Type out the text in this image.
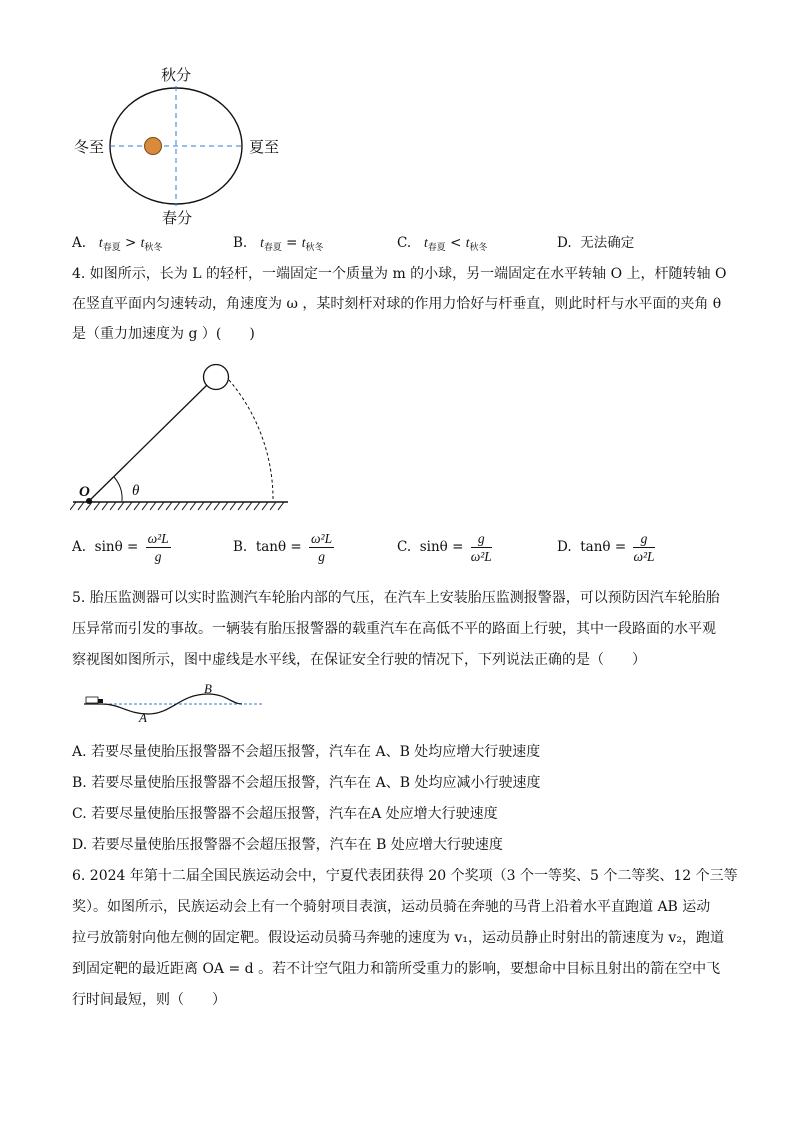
秋分
冬至	夏至
春分
A. $t_{春夏} > t_{秋冬}$	B. $t_{春夏} = t_{秋冬}$	C. $t_{春夏} < t_{秋冬}$	D. 无法确定
4. 如图所示，长为 L 的轻杆，一端固定一个质量为 m 的小球，另一端固定在水平转轴 O 上，杆随转轴 O
在竖直平面内匀速转动，角速度为 ω ，某时刻杆对球的作用力恰好与杆垂直，则此时杆与水平面的夹角 θ
是（重力加速度为 g ）(　　)
O	θ
A. $\sin\theta = \frac{\text{ω²L}}{g}$	B. $\tan\theta = \frac{\text{ω²L}}{g}$	C. $\sin\theta = \frac{g}{\text{ω²L}}$	D. $\tan\theta = \frac{g}{\text{ω²L}}$
5. 胎压监测器可以实时监测汽车轮胎内部的气压，在汽车上安装胎压监测报警器，可以预防因汽车轮胎胎
压异常而引发的事故。一辆装有胎压报警器的载重汽车在高低不平的路面上行驶，其中一段路面的水平观
察视图如图所示，图中虚线是水平线，在保证安全行驶的情况下，下列说法正确的是（　　）
B
A
A. 若要尽量使胎压报警器不会超压报警，汽车在 A、B 处均应增大行驶速度
B. 若要尽量使胎压报警器不会超压报警，汽车在 A、B 处均应减小行驶速度
C. 若要尽量使胎压报警器不会超压报警，汽车在A 处应增大行驶速度
D. 若要尽量使胎压报警器不会超压报警，汽车在 B 处应增大行驶速度
6. 2024 年第十二届全国民族运动会中，宁夏代表团获得 20 个奖项（3 个一等奖、5 个二等奖、12 个三等
奖）。如图所示，民族运动会上有一个骑射项目表演，运动员骑在奔驰的马背上沿着水平直跑道 AB 运动
拉弓放箭射向他左侧的固定靶。假设运动员骑马奔驰的速度为 v₁，运动员静止时射出的箭速度为 v₂，跑道
到固定靶的最近距离 OA = d 。若不计空气阻力和箭所受重力的影响，要想命中目标且射出的箭在空中飞
行时间最短，则（　　）
